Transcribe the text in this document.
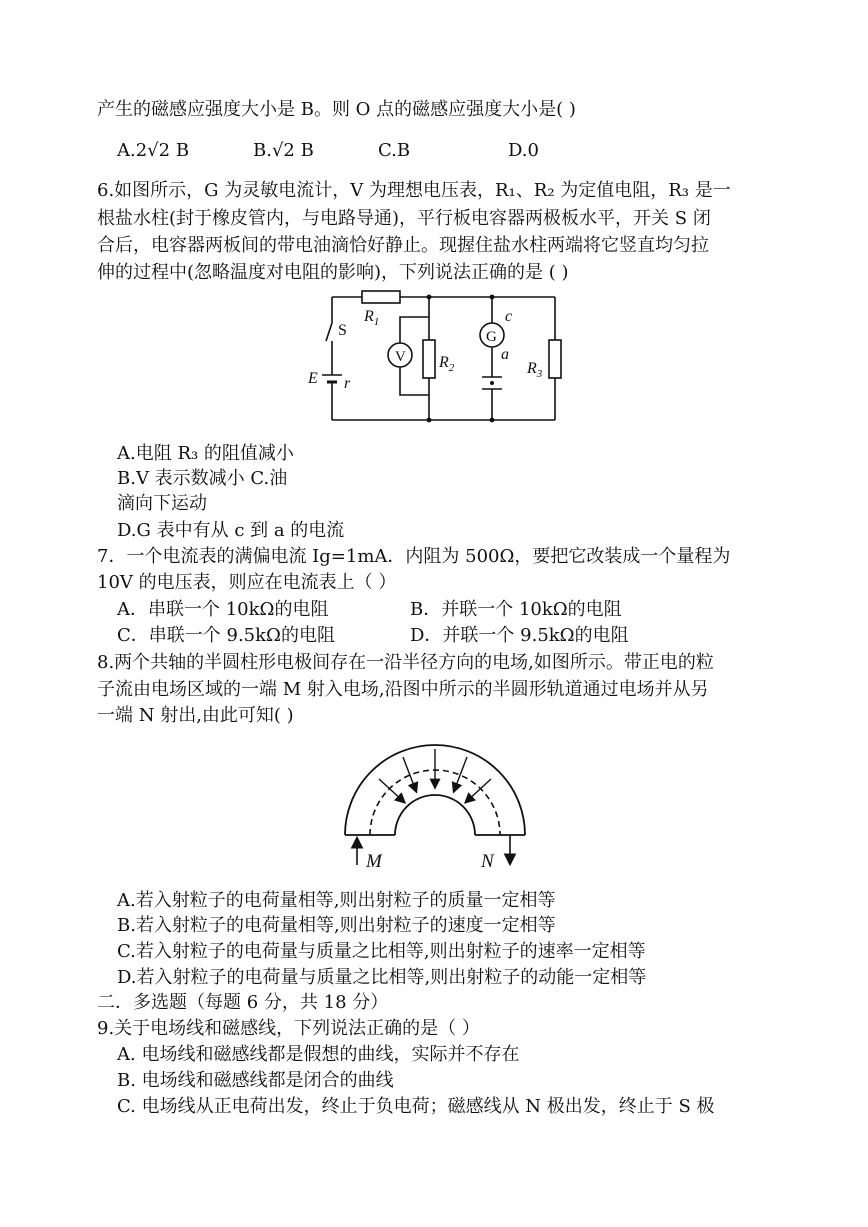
产生的磁感应强度大小是 B。则 O 点的磁感应强度大小是( )
A.2√2 B	B.√2 B	C.B	D.0
6.如图所示，G 为灵敏电流计，V 为理想电压表，R₁、R₂ 为定值电阻，R₃ 是一
根盐水柱(封于橡皮管内，与电路导通)，平行板电容器两极板水平，开关 S 闭
合后，电容器两板间的带电油滴恰好静止。现握住盐水柱两端将它竖直均匀拉
伸的过程中(忽略温度对电阻的影响)，下列说法正确的是 ( )
$R_1$
S
V $R_2$
G
c
a
$R_3$
E r
A.电阻 R₃ 的阻值减小
B.V 表示数减小 C.油
滴向下运动
D.G 表中有从 c 到 a 的电流
7．一个电流表的满偏电流 Ig=1mA．内阻为 500Ω，要把它改装成一个量程为
10V 的电压表，则应在电流表上（ ）
A．串联一个 10kΩ的电阻	B．并联一个 10kΩ的电阻
C．串联一个 9.5kΩ的电阻	D．并联一个 9.5kΩ的电阻
8.两个共轴的半圆柱形电极间存在一沿半径方向的电场,如图所示。带正电的粒
子流由电场区域的一端 M 射入电场,沿图中所示的半圆形轨道通过电场并从另
一端 N 射出,由此可知( )
M	N
A.若入射粒子的电荷量相等,则出射粒子的质量一定相等
B.若入射粒子的电荷量相等,则出射粒子的速度一定相等
C.若入射粒子的电荷量与质量之比相等,则出射粒子的速率一定相等
D.若入射粒子的电荷量与质量之比相等,则出射粒子的动能一定相等
二．多选题（每题 6 分，共 18 分）
9.关于电场线和磁感线，下列说法正确的是（ ）
A. 电场线和磁感线都是假想的曲线，实际并不存在
B. 电场线和磁感线都是闭合的曲线
C. 电场线从正电荷出发，终止于负电荷；磁感线从 N 极出发，终止于 S 极
